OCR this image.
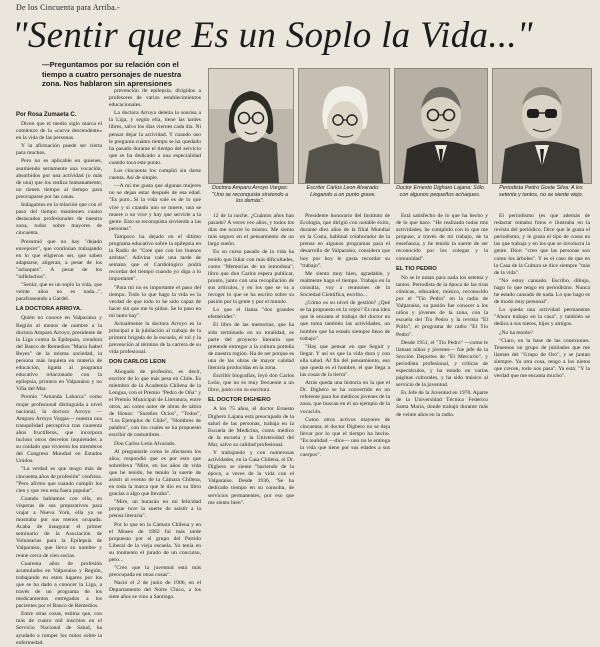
De los Cincuenta para Arriba.-
"Sentir que Es un Soplo la Vida..."
—Preguntamos por su relación con el tiempo a cuatro personajes de nuestra zona. Nos hablaron sin aprensiones
Por Rosa Zumaeta C.
Doctora Amparo Arroyo Vargas: "Uno se reconquista sirviendo a los demás".
Escritor Carlos Leon Alvarado: Llegando a un punto grave.
Doctor Ernesto Digharo Lajana: Sólo con algunos pequeños achaques.
Periodista Pedro Goste Silva: A los setenta y tantos, no se siente viejo.

Dicen que el medio siglo marca el comienzo de la «curva descendente» en la vida de las personas.

Y la afirmación puede ser cierta para muchos.

Pero no es aplicable en quienes, asumiendo seriamente una vocación, absorbidos por una actividad (o más de una) que los realiza humanamente, no tienen tiempo al tiempo para preocuparse por las canas.

Indagamos en la relación que con el paso del tiempo mantienen cuatro destacados profesionales de nuestra zona, todos sobre mayores de cincuenta.

Presumió que no hay "dejado envejecer", que continúan trabajando en lo que eligieron ser, que saben adaptarse, aligeran, a pesar de los "achaques". A pesar de los "inflelachos".

"Sentir, que es un soplo la vida, que veinte años no es nada...", parafraseando a Gardel.

LA DOCTORA ARROYA.

Quién no conoce en Valparaíso y Región al menos de nombre a la doctora Amparo Arroyo, presidente de la Liga contra la Epilepsia, creadora del Banco de Remedios "María Isabel Reyes" de la misma sociedad, la persona más inquieta en materia de educación, ligada al programa educativo relacionado con la epilepsia, primera en Valparaíso y no Viña del Mar.

Premio "Amanda Labarca" como mujer profesional distinguida a nivel nacional, la doctora Arroyo —Amparo Arroyo Vargas— nuestra una tranquilidad perceptiva tras cuarenta años fructíferos, que incorpora incluso otros desvelos inquietudes a su cuidado que vivieron los miembros del Congreso Mundial en Estados Unidos.

"La verdad es que tengo más de cincuenta años de profesión" confiesa. "Pero afirmo que cuando cumplir los cien y que veo esta fuera popular".

Cuando hablamos con ella, en vísperas de sus preparativos para viajar a Nueva York, ella ya se mostraba por sus menos ocupada. Acaba de inaugurar el primer seminario de la Asociación de Voluntarias para la Epilepsia de Valparaíso, que lleva su nombre y reúne cerca de cien socias.

Cuarenta años de profesión acumulados en Valparaíso y Región, trabajando en estos lugares por los que se ha dado a conocer la Liga, a través de un programa de los medicamentos entregados a los pacientes por el Banco de Remedios.

Entre otras cosas, estima que, con más de cuatro mil inscritos en el Servicio Nacional de Salud, ha ayudado a romper los mitos sobre la enfermedad.

prevención de epilepsia, dirigidos a profesores de varios establecimientos educacionales.

La doctora Arroya deleita la sonrisa a la Liga, y según ella, tiene las tardes libres, salvo los días viernes cada día. Ni pensar dejar la actividad. Y cuando uso le pregunta cuánto tiempo se ha quedado ha pasado durante el tiempo del servicio que se ha dedicado a una especialidad cuando toca este punto.

Los cincuenta los cumplió sin darse cuenta. Así de simple.

—A mí me gusta que algunas mujeres no se dejan estar después de esa edad. "Es puro...Si la vida vale es de lo que vive y si cuando uno se muere, una se muere o no vive y hay que servirle a la gente. Esto se reconquista sirviendo a las personas".

Tampoco ha dejado en el último programa educativo sobre la epilepsia en la Radio de "Cree que con los buenos artistas". Adivina vale una tarde de semana que el Cardiológico podrá recordar del tiempo cuando yo diga a lo importante".

"Para mí no es importante el paso del tiempo. Todo lo que hago la vida es la verdad de que todo lo he sido capaz de hacer sin que me lo pidan. Se lo paso en mi tanto hay".

Actualmente la doctora Arroyo es la principal a la jubilación al trabajo de la primera brigada de la escuela, el rol y la prevención al término de la carrera de su vida profesional.

DON CARLOS LEON

Abogado de profesión, es decir, escritor de lo que más pesa en Chile. Es miembro de la Academia Chilena de la Lengua, con el Premio "Pedro de Oña" y el Premio Municipal de Literatura, entre otros, así como autor de obras de sátira de Honor: "Sureños Ocios", "Todos", "Los Ejemplos de Chile", "Hombres de palabra", con los cuales se ha propuesto escribir de costumbres.

Don Carlos León Alvarado.

Al preguntarle como le afectaron los años, respondió que es por esto que sobrelleva "Mire, en los años de vida que he tenido, he tenido la suerte de asistir al evento de la Cámara Chilena, en toda la marca que le dio en su libro gracias a algo que llevaba".

"Mire, un huracán en mi felicidad porque tuve la suerte de asistir a la prensa literaria".

Por lo que en la Cámara Chilena y en el Museo de 1882 fui más tarde propuesto por el grupo del Partido Liberal de la vieja escuela. Yo tenía en su momento el jurado de un concurso, pero...

"Creo que la juventud está más preocupada en otras cosas".

Nació el 2 de junio de 1906, en el Departamento del Norte Chico, a los siete años se vino a Santiago.

12 de la noche. ¿Cuántos años han pasado? A veces veo años, y todos los días me ocurre lo mismo. Me siento más seguro en el pensamiento de un largo sueño.

En su curso pasado de la vida ha tenido que lidiar con más dificultades, como "Memorias de un inmodista", libro que don Carlos espera publicar, pronto, junto con una recopilación de sus artículos, y en los que se va a recoger lo que se ha escrito sobre su pasión por la gente y por el mundo.

Lo que el llama "dos grandes efemérides".

El libro de las memorias, que ha sido terminado en su totalidad, es parte del proyecto literario que pretende entregar a la cultura porteña de nuestra región. Ha de ser porque es una de las obras de mayor calidad literaria producidas en la zona.

Escribir biografías, leyó don Carlos León, que no es muy frecuente a un libro, junto con su escritura.

EL DOCTOR DIGHERO

A los 75 años, el doctor Ernesto Dighero Lajana está preocupado de la salud de las personas, trabaja en la Escuela de Medicina, como médico de la escuela y la Universidad del Mar, salvo su calidad profesional.

Y trabajando y con numerosas actividades, en la Casa Chilena, el Dr. Dighero se siente "haciendo de la época, a veces de la vida con el Valparaíso. Desde 1936, "Se ha dedicado tiempo en su consulta, de servicios permanentes, por eso que me siento bien".

Presidente honorario del Instituto de Ecología, que dirigió con notable éxito, durante diez años de la filial Mundial en la Costa, habitual colaborador de la prensa en algunos programas para el desarrollo de Valparaíso, considera que hoy por hoy le gusta recordar su "trabajo".

Me siento muy bien, agradable, y realmente hago el tiempo. Trabajo en la consulta, voy a reuniones de la Sociedad Científica, escribo...

¿Cómo es su nivel de gestión? ¿Qué se ha propuesto en la vejez? Es una idea que le encanta el trabajo del doctor en que toma también las actividades, un hombre que ha estado siempre lleno de trabajo".

"Hay que pensar en que Seguir y llegar. Y así es que la vida dura y con ella salud. Al fin del pensamiento, eso que queda es el hombre, el que llega a las cosas de la tierra".

Atrás queda una historia en la que el Dr. Dighero se ha convertido en un referente para los médicos jóvenes de la zona, que buscan en él un ejemplo de la vocación.

Como otros activos mayores de cincuenta, el doctor Dighero no se deja llevar por lo que el tiempo ha hecho. "Es realidad —dice— uno no le entrega la vida que tiene por sus edades a sus cuerpos".

Está satisfecho de lo que ha hecho y de lo que hace. "He realizado todas mis actividades, he cumplido con lo que me propuse, a través de mi trabajo, de la enseñanza, y he tenido la suerte de ser reconocido por los colegas y la comunidad".

EL TIO PEDRO

No se le notan para nada los setenta y tantos. Periodista de la época de las tiras cómicas, educador, músico, reconocido por el "Tío Pedro" en la radio de Valparaíso, su pasión fue conocer a los niños y jóvenes de la zona, con la escuela del Tío Pedro y la revista "El Pollo", el programa de radio "El Tío Pedro".

Desde 1951, el "Tío Pedro" —como le llaman niños y jóvenes— fue jefe de la Sección Deportes de "El Mercurio", y periodista profesional, y críticas de espectáculos, y ha estado en varias páginas culturales, y ha sido músico al servicio de la juventud.

Es Jefe de la Juventud en 1970. Aparte de la Universidad Técnica Federico Santa María, donde trabajó durante más de veinte años en la radio.

El periodismo (es que además de redactar tomaba fotos e ilustraba en la revista del periódico. Dice que le gusta el periodismo, y le gusta el tipo de cosas en las que trabaja y en los que se involucra la gente. Dice: "creo que las personas son como los árboles". Y es el caso de que en la Casa de la Cultura se dice siempre "más de la vida".

"No estoy cansado. Escribo, dibujo, hago lo que tengo en periodismo. Nunca he estado cansado de nada. Lo que hago es de modo muy personal".

Lo queda una actividad permanente "Ahora trabajo en la casa", y también se dedica a sus nietos, hijos y amigos.

¿No ha tenido?

"Claro, en la base de las conexiones. Tenemos un grupo de jubilados que me llaman del "Grupo de Oro", y se juntan siempre. Ya otra cosa, tengo a los nietos que crecen, todo nos pasa". Ya está: "Y la verdad que me encanta mucho".
